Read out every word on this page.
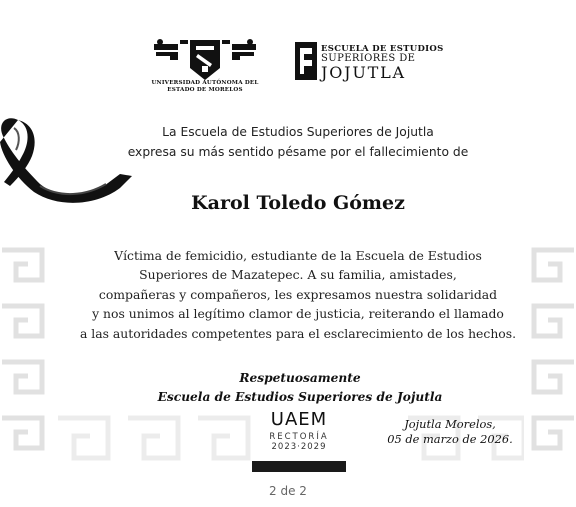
UNIVERSIDAD AUTÓNOMA DEL
ESTADO DE MORELOS
ESCUELA DE ESTUDIOS
SUPERIORES DE
JOJUTLA
La Escuela de Estudios Superiores de Jojutla
expresa su más sentido pésame por el fallecimiento de
Karol Toledo Gómez
Víctima de femicidio, estudiante de la Escuela de Estudios
Superiores de Mazatepec. A su familia, amistades,
compañeras y compañeros, les expresamos nuestra solidaridad
y nos unimos al legítimo clamor de justicia, reiterando el llamado
a las autoridades competentes para el esclarecimiento de los hechos.
Respetuosamente
Escuela de Estudios Superiores de Jojutla
UAEM
RECTORÍA
2023·2029
Jojutla Morelos,
05 de marzo de 2026.
2 de 2
